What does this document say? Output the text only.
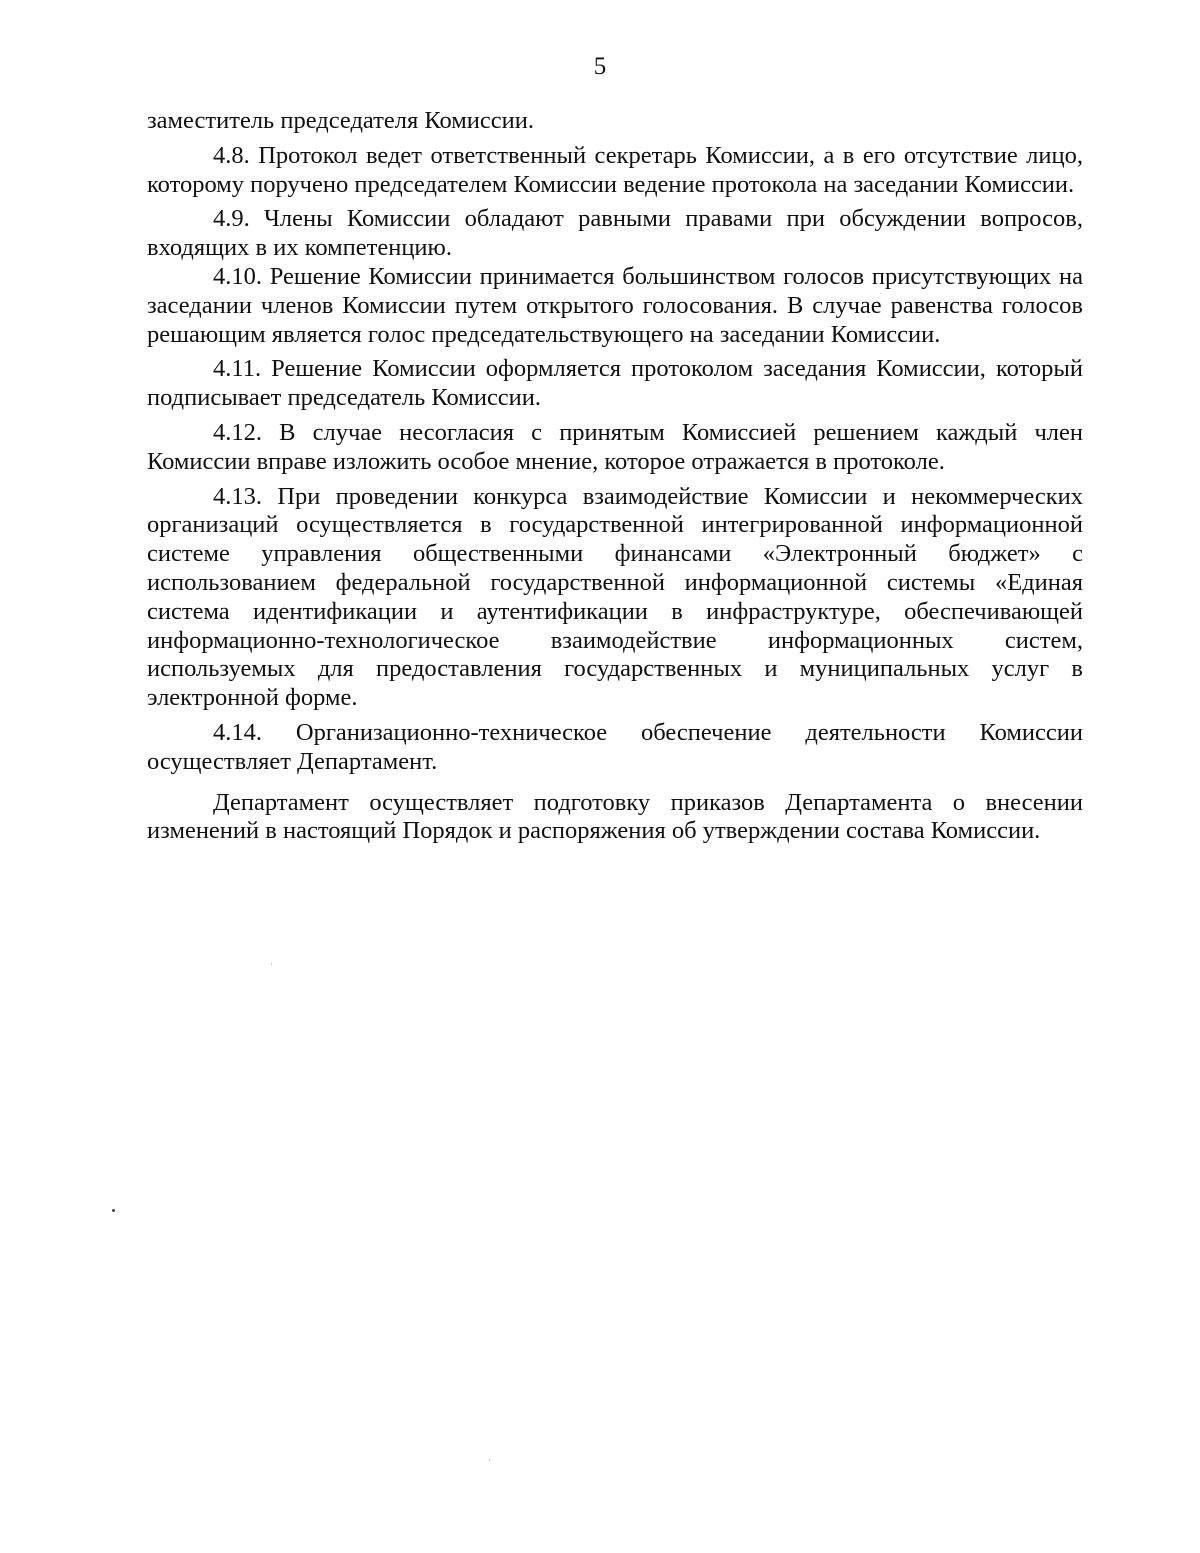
5

заместитель председателя Комиссии.

4.8. Протокол ведет ответственный секретарь Комиссии, а в его отсутствие лицо, которому поручено председателем Комиссии ведение протокола на заседании Комиссии.

4.9. Члены Комиссии обладают равными правами при обсуждении вопросов, входящих в их компетенцию.

4.10. Решение Комиссии принимается большинством голосов присутствующих на заседании членов Комиссии путем открытого голосования. В случае равенства голосов решающим является голос председательствующего на заседании Комиссии.

4.11. Решение Комиссии оформляется протоколом заседания Комиссии, который подписывает председатель Комиссии.

4.12. В случае несогласия с принятым Комиссией решением каждый член Комиссии вправе изложить особое мнение, которое отражается в протоколе.

4.13. При проведении конкурса взаимодействие Комиссии и некоммерческих организаций осуществляется в государственной интегрированной информационной системе управления общественными финансами «Электронный бюджет» с использованием федеральной государственной информационной системы «Единая система идентификации и аутентификации в инфраструктуре, обеспечивающей информационно-технологическое взаимодействие информационных систем, используемых для предоставления государственных и муниципальных услуг в электронной форме.

4.14. Организационно-техническое обеспечение деятельности Комиссии осуществляет Департамент.

Департамент осуществляет подготовку приказов Департамента о внесении изменений в настоящий Порядок и распоряжения об утверждении состава Комиссии.
